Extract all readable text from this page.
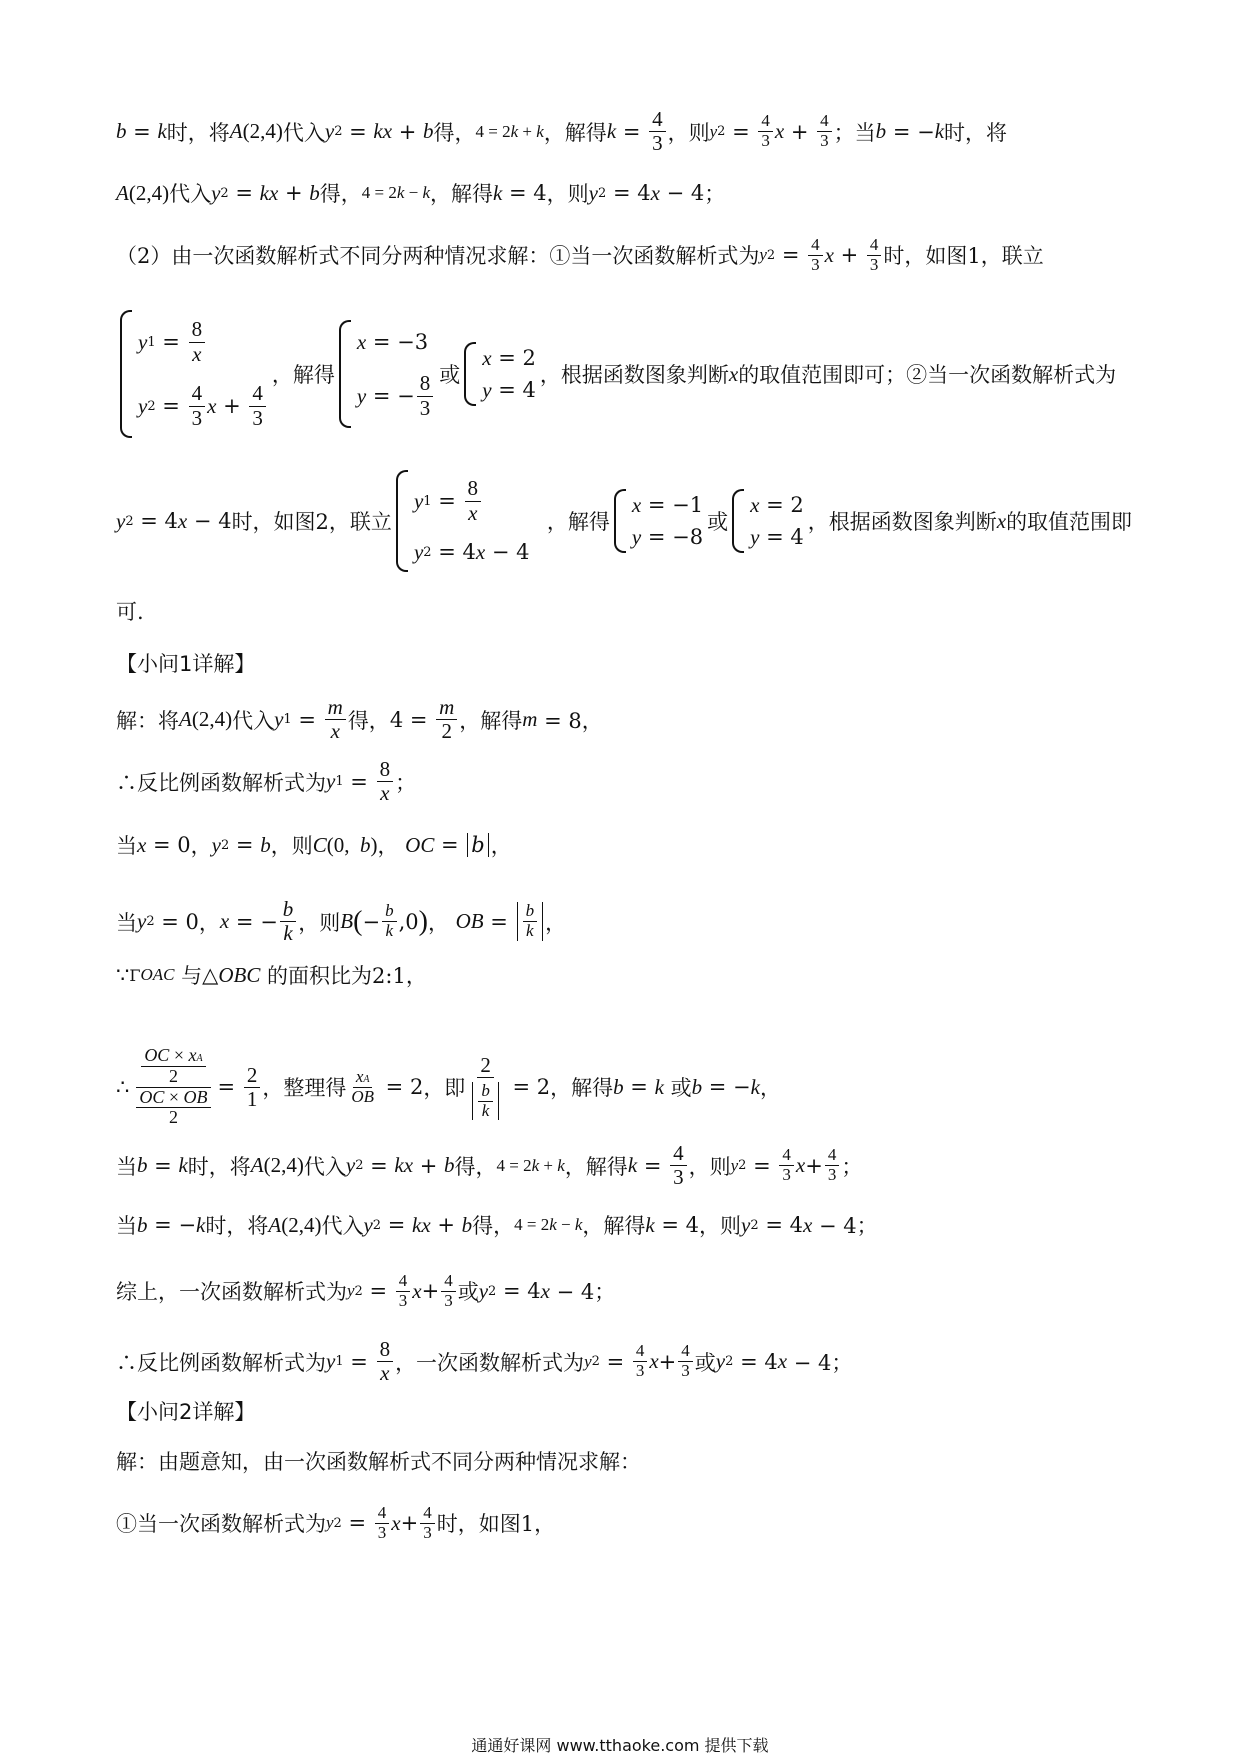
b = k 时，将 A (2,4) 代入 y 2 = kx + b 得， 4 = 2k + k ，解得 $k = \frac{4}{3}$ ，则 y $2 = \frac{4}{3}$ $x + \frac{4}{3}$ ；当 b = − k 时，将
A (2,4) 代入 y 2 = kx + b 得， 4 = 2k − k ，解得 k = 4 ，则 y 2 = 4 x − 4 ；
（2）由一次函数解析式不同分两种情况求解：①当一次函数解析式为 y $2 = \frac{4}{3}$ $x + \frac{4}{3}$ 时，如图1，联立
y $1 = \frac{8}{x}$
y $2 = \frac{4}{3}$ $x + \frac{4}{3}$
，解得
x = −3
y = − $\frac{8}{3}$ 或
x = 2
y = 4
，根据函数图象判断 x 的取值范围即可；②当一次函数解析式为
y 2 = 4 x − 4 时，如图2，联立
y $1 = \frac{8}{x}$
y 2 = 4 x − 4

，解得
x = −1
y = −8
或
x = 2
y = 4
，根据函数图象判断 x 的取值范围即
可.
【小问1详解】
解：将 A (2,4) 代入 y $1 = \frac{m}{x}$ 得， $4 = \frac{m}{2}$ ，解得 m = 8，
∴反比例函数解析式为 y $1 = \frac{8}{x}$ ；
当 x = 0 ， y 2 = b ，则 C (0,  b) ， OC = b ，
当 y 2 = 0 ， x = − $\frac{b}{k}$ ，则 B ( − $\frac{b}{k} ,0$ ) ， OB = $\frac{b}{k}$ ，
∵ Γ OAC
与 △ OBC
的面积比为 2:1，
∴ $\frac{\frac{OC \times xA}{2}}{\frac{OC \times OB}{2}} = \frac{2}{1}$ ，整理得 $\frac{xA}{OB} = 2$ ，即 $\frac{2}{\frac{b}{k}} = 2$ ，解得 b = k
或 b = − k ，
当 b = k 时，将 A (2,4) 代入 y 2 = kx + b 得， 4 = 2k + k ，解得 $k = \frac{4}{3}$ ，则 y $2 = \frac{4}{3}$ $x + \frac{4}{3}$ ；
当 b = − k 时，将 A (2,4) 代入 y 2 = kx + b 得， 4 = 2k − k ，解得 k = 4 ，则 y 2 = 4 x − 4；
综上，一次函数解析式为 y $2 = \frac{4}{3}$ $x + \frac{4}{3}$ 或 y 2 = 4 x − 4；
∴反比例函数解析式为 y $1 = \frac{8}{x}$ ，一次函数解析式为 y $2 = \frac{4}{3}$ $x + \frac{4}{3}$ 或 y 2 = 4 x − 4；
【小问2详解】
解：由题意知，由一次函数解析式不同分两种情况求解：
①当一次函数解析式为 y $2 = \frac{4}{3}$ $x + \frac{4}{3}$ 时，如图1，
通通好课网 www.tthaoke.com 提供下载
